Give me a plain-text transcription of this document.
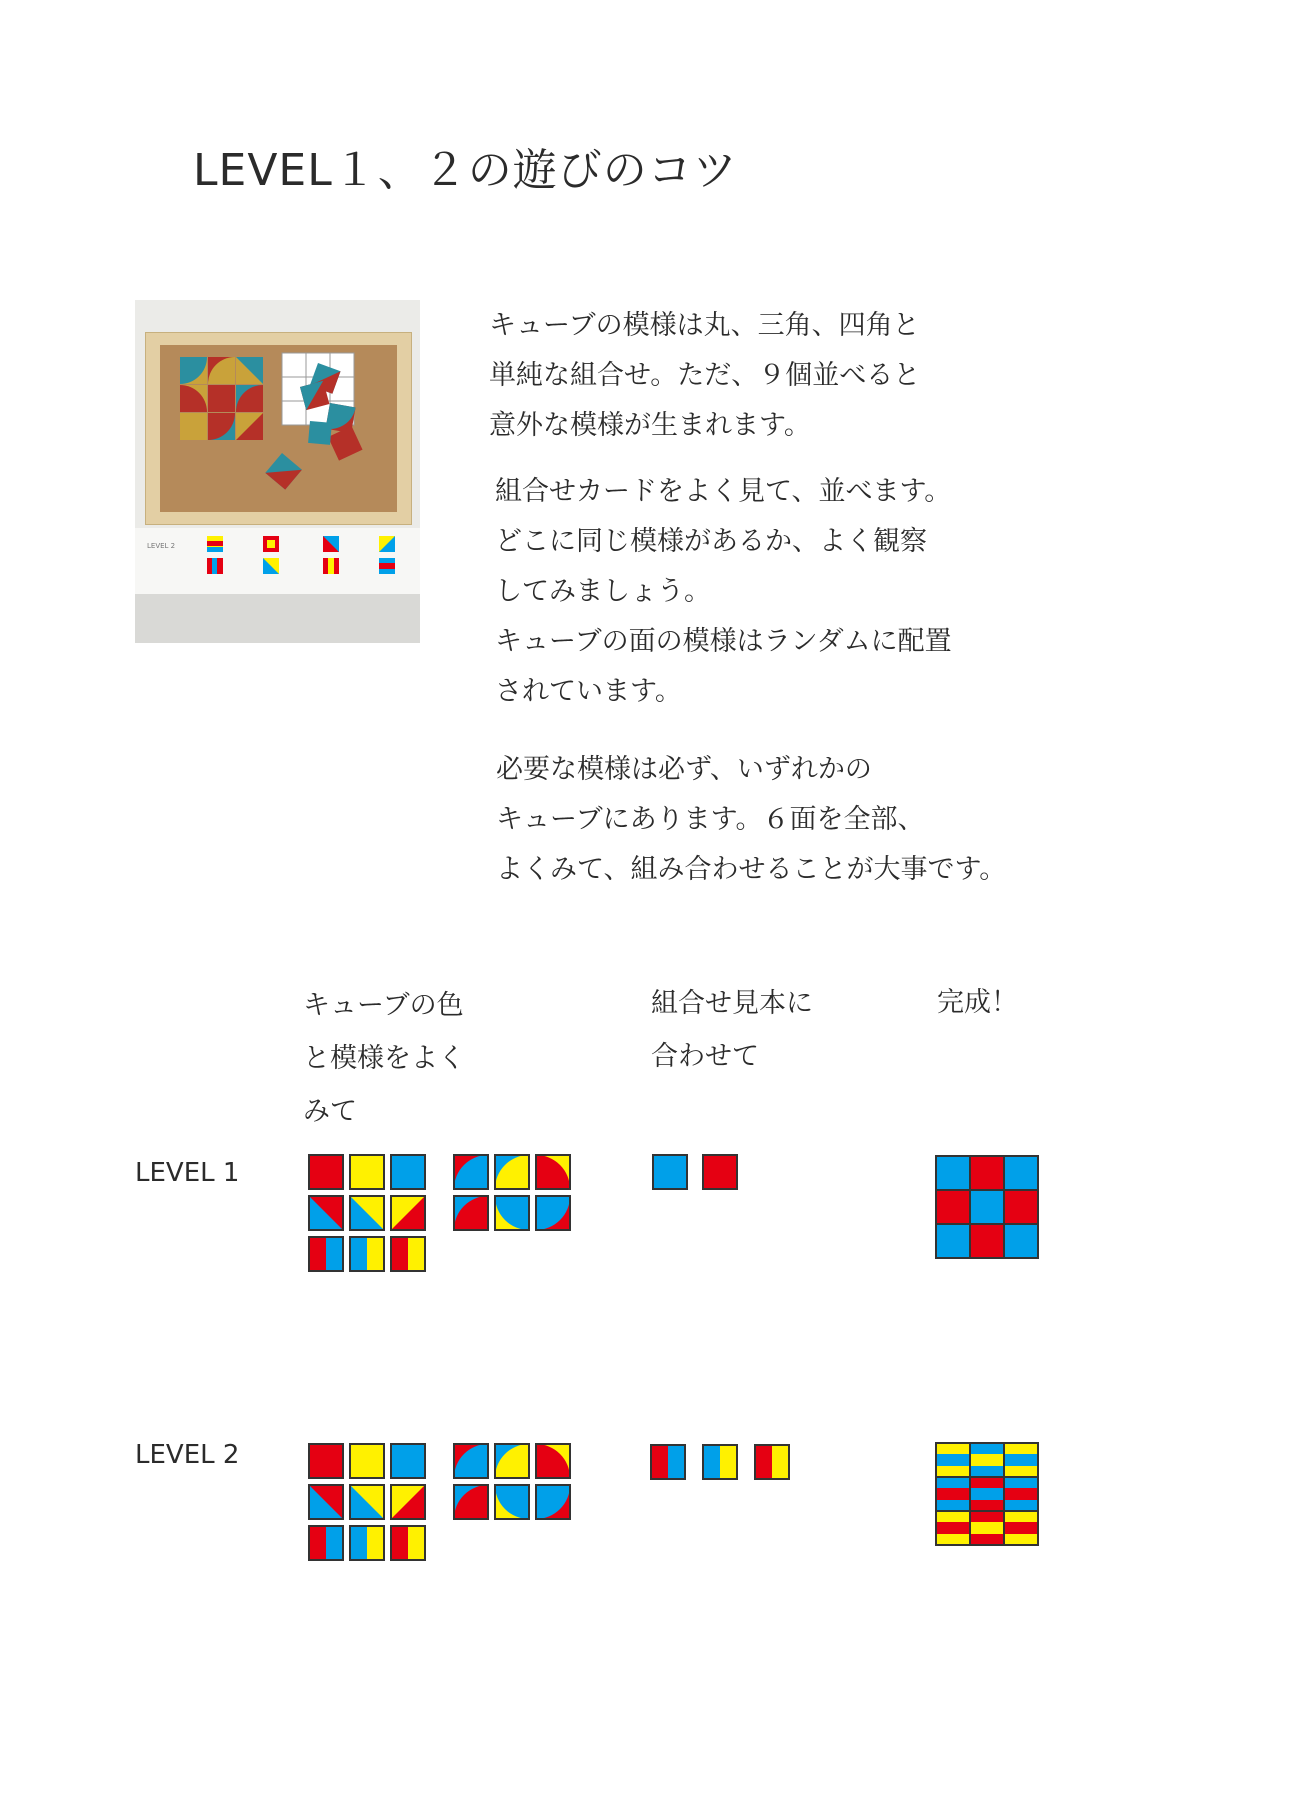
LEVEL１、２の遊びのコツ
LEVEL 2
キューブの模様は丸、三角、四角と
単純な組合せ。ただ、９個並べると
意外な模様が生まれます。
組合せカードをよく見て、並べます。
どこに同じ模様があるか、よく観察
してみましょう。
キューブの面の模様はランダムに配置
されています。
必要な模様は必ず、いずれかの
キューブにあります。６面を全部、
よくみて、組み合わせることが大事です。
キューブの色
と模様をよく
みて
組合せ見本に
合わせて
完成！
LEVEL 1
LEVEL 2
